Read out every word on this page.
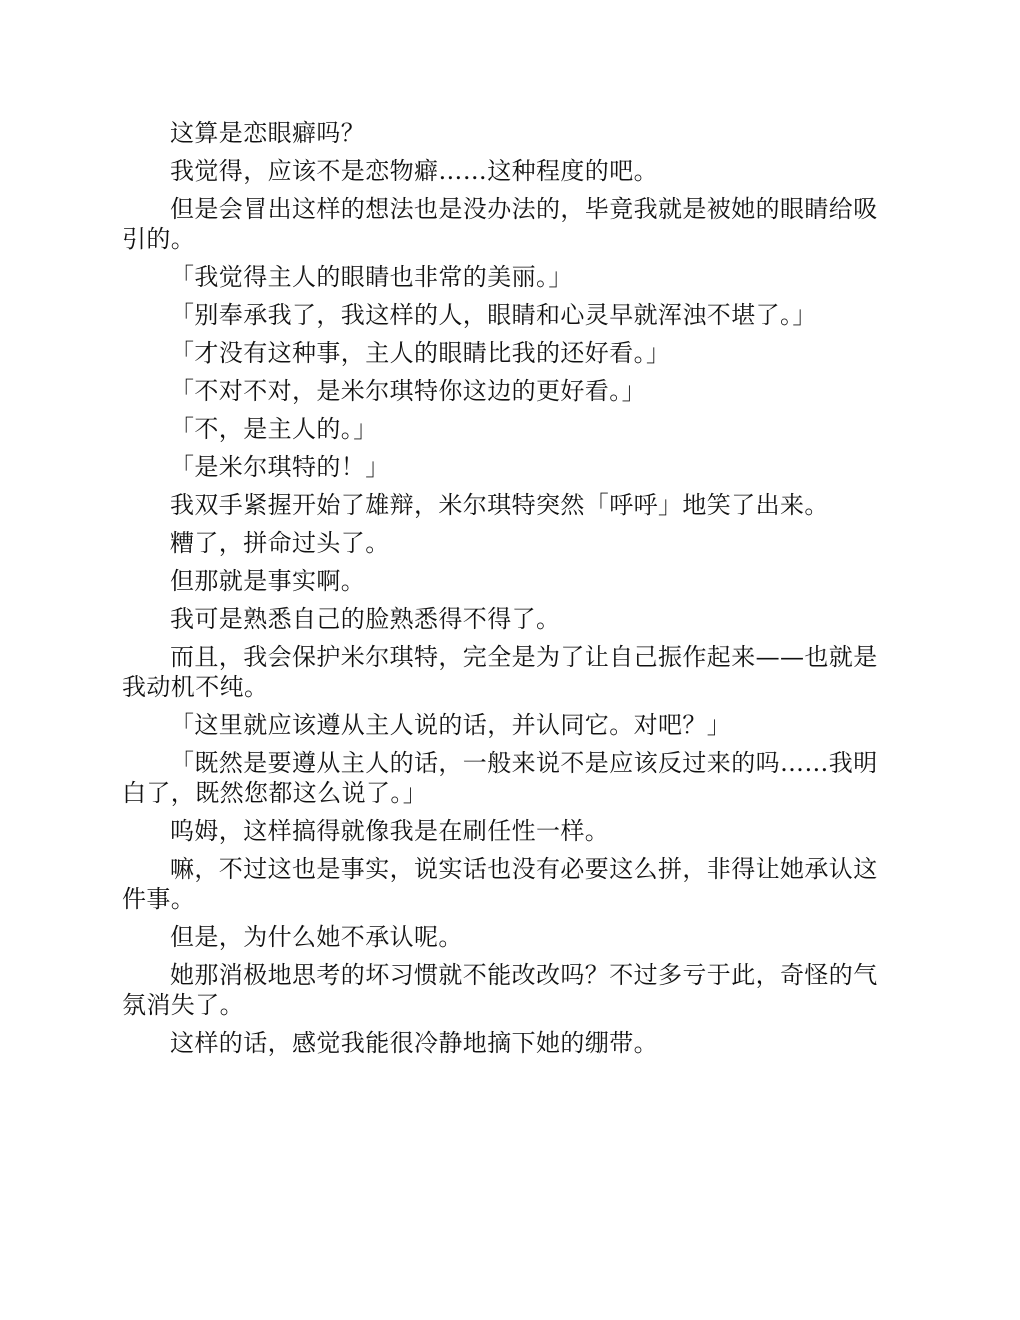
这算是恋眼癖吗？

我觉得，应该不是恋物癖……这种程度的吧。

但是会冒出这样的想法也是没办法的，毕竟我就是被她的眼睛给吸引的。

「我觉得主人的眼睛也非常的美丽。」

「别奉承我了，我这样的人，眼睛和心灵早就浑浊不堪了。」

「才没有这种事，主人的眼睛比我的还好看。」

「不对不对，是米尔琪特你这边的更好看。」

「不，是主人的。」

「是米尔琪特的！」

我双手紧握开始了雄辩，米尔琪特突然「呼呼」地笑了出来。

糟了，拼命过头了。

但那就是事实啊。

我可是熟悉自己的脸熟悉得不得了。

而且，我会保护米尔琪特，完全是为了让自己振作起来——也就是我动机不纯。

「这里就应该遵从主人说的话，并认同它。对吧？」

「既然是要遵从主人的话，一般来说不是应该反过来的吗……我明白了，既然您都这么说了。」

呜姆，这样搞得就像我是在刷任性一样。

嘛，不过这也是事实，说实话也没有必要这么拼，非得让她承认这件事。

但是，为什么她不承认呢。

她那消极地思考的坏习惯就不能改改吗？不过多亏于此，奇怪的气氛消失了。

这样的话，感觉我能很冷静地摘下她的绷带。
